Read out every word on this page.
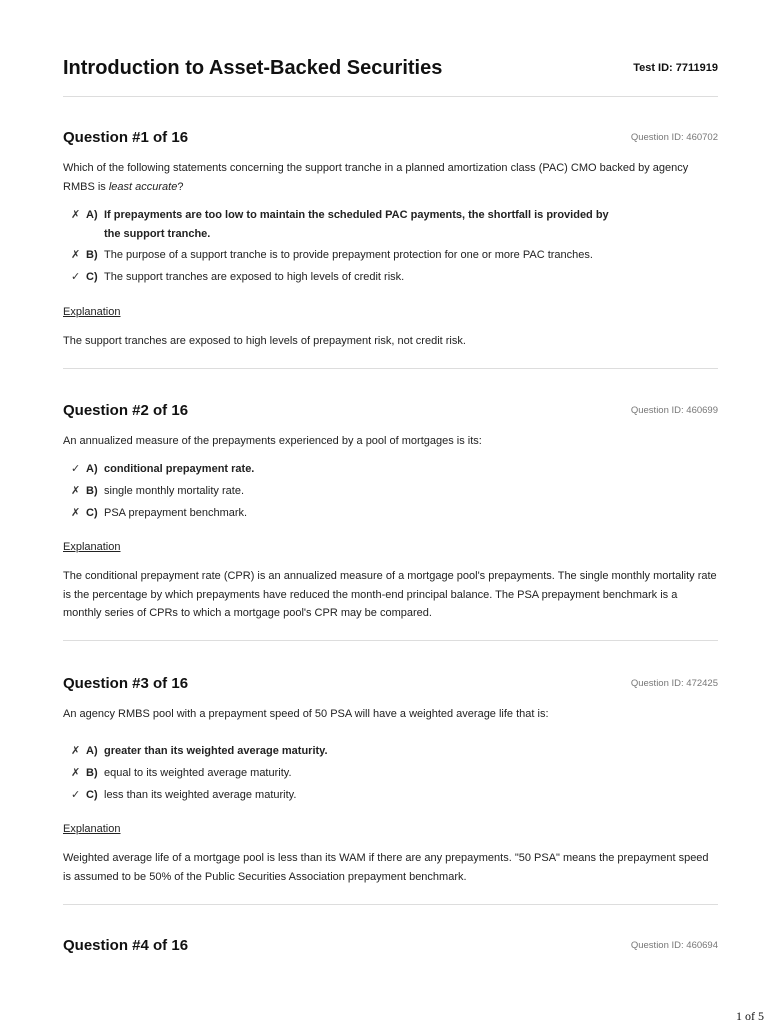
Introduction to Asset-Backed Securities	Test ID: 7711919
Question #1 of 16	Question ID: 460702
Which of the following statements concerning the support tranche in a planned amortization class (PAC) CMO backed by agency RMBS is least accurate?
✗ A) If prepayments are too low to maintain the scheduled PAC payments, the shortfall is provided by the support tranche.
✗ B) The purpose of a support tranche is to provide prepayment protection for one or more PAC tranches.
✓ C) The support tranches are exposed to high levels of credit risk.
Explanation
The support tranches are exposed to high levels of prepayment risk, not credit risk.
Question #2 of 16	Question ID: 460699
An annualized measure of the prepayments experienced by a pool of mortgages is its:
✓ A) conditional prepayment rate.
✗ B) single monthly mortality rate.
✗ C) PSA prepayment benchmark.
Explanation
The conditional prepayment rate (CPR) is an annualized measure of a mortgage pool's prepayments. The single monthly mortality rate is the percentage by which prepayments have reduced the month-end principal balance. The PSA prepayment benchmark is a monthly series of CPRs to which a mortgage pool's CPR may be compared.
Question #3 of 16	Question ID: 472425
An agency RMBS pool with a prepayment speed of 50 PSA will have a weighted average life that is:
✗ A) greater than its weighted average maturity.
✗ B) equal to its weighted average maturity.
✓ C) less than its weighted average maturity.
Explanation
Weighted average life of a mortgage pool is less than its WAM if there are any prepayments. "50 PSA" means the prepayment speed is assumed to be 50% of the Public Securities Association prepayment benchmark.
Question #4 of 16	Question ID: 460694
1 of 5
